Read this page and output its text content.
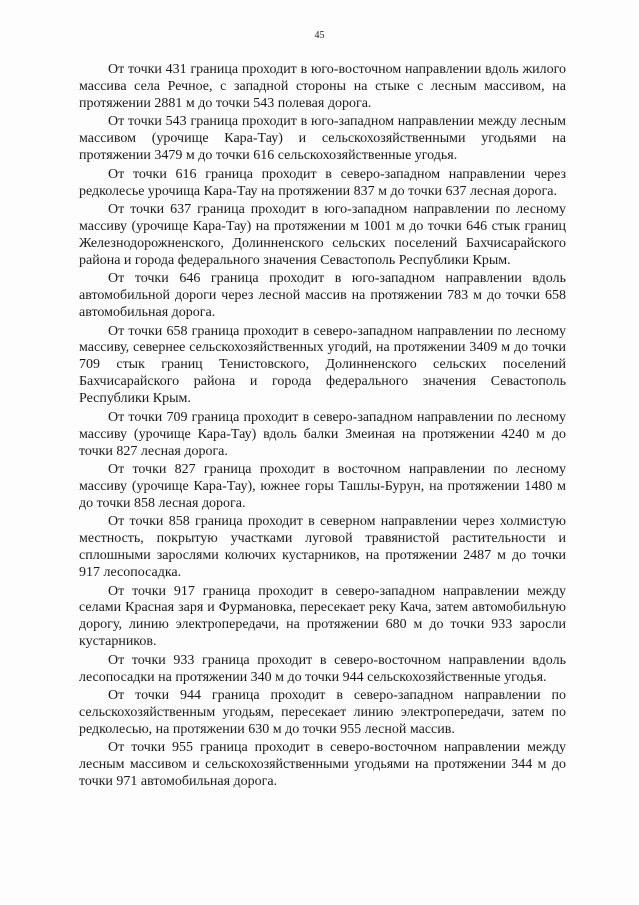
45

От точки 431 граница проходит в юго-восточном направлении вдоль жилого массива села Речное, с западной стороны на стыке с лесным массивом, на протяжении 2881 м до точки 543 полевая дорога.

От точки 543 граница проходит в юго-западном направлении между лесным массивом (урочище Кара-Тау) и сельскохозяйственными угодьями на протяжении 3479 м до точки 616 сельскохозяйственные угодья.

От точки 616 граница проходит в северо-западном направлении через редколесье урочища Кара-Тау на протяжении 837 м до точки 637 лесная дорога.

От точки 637 граница проходит в юго-западном направлении по лесному массиву (урочище Кара-Тау) на протяжении м 1001 м до точки 646 стык границ Железнодорожненского, Долинненского сельских поселений Бахчисарайского района и города федерального значения Севастополь Республики Крым.

От точки 646 граница проходит в юго-западном направлении вдоль автомобильной дороги через лесной массив на протяжении 783 м до точки 658 автомобильная дорога.

От точки 658 граница проходит в северо-западном направлении по лесному массиву, севернее сельскохозяйственных угодий, на протяжении 3409 м до точки 709 стык границ Тенистовского, Долинненского сельских поселений Бахчисарайского района и города федерального значения Севастополь Республики Крым.

От точки 709 граница проходит в северо-западном направлении по лесному массиву (урочище Кара-Тау) вдоль балки Змеиная на протяжении 4240 м до точки 827 лесная дорога.

От точки 827 граница проходит в восточном направлении по лесному массиву (урочище Кара-Тау), южнее горы Ташлы-Бурун, на протяжении 1480 м до точки 858 лесная дорога.

От точки 858 граница проходит в северном направлении через холмистую местность, покрытую участками луговой травянистой растительности и сплошными зарослями колючих кустарников, на протяжении 2487 м до точки 917 лесопосадка.

От точки 917 граница проходит в северо-западном направлении между селами Красная заря и Фурмановка, пересекает реку Кача, затем автомобильную дорогу, линию электропередачи, на протяжении 680 м до точки 933 заросли кустарников.

От точки 933 граница проходит в северо-восточном направлении вдоль лесопосадки на протяжении 340 м до точки 944 сельскохозяйственные угодья.

От точки 944 граница проходит в северо-западном направлении по сельскохозяйственным угодьям, пересекает линию электропередачи, затем по редколесью, на протяжении 630 м до точки 955 лесной массив.

От точки 955 граница проходит в северо-восточном направлении между лесным массивом и сельскохозяйственными угодьями на протяжении 344 м до точки 971 автомобильная дорога.
